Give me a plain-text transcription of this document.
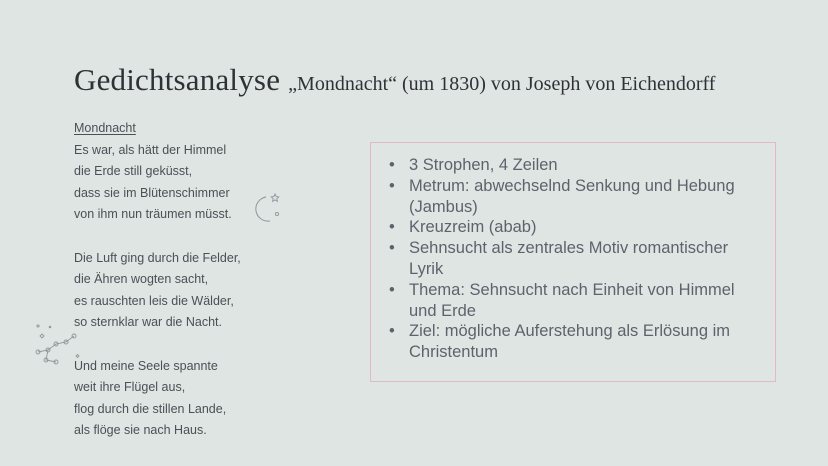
Gedichtsanalyse „Mondnacht“ (um 1830) von Joseph von Eichendorff
Mondnacht
Es war, als hätt der Himmel
die Erde still geküsst,
dass sie im Blütenschimmer
von ihm nun träumen müsst.
Die Luft ging durch die Felder,
die Ähren wogten sacht,
es rauschten leis die Wälder,
so sternklar war die Nacht.
Und meine Seele spannte
weit ihre Flügel aus,
flog durch die stillen Lande,
als flöge sie nach Haus.
• 3 Strophen, 4 Zeilen
• Metrum: abwechselnd Senkung und Hebung (Jambus)
• Kreuzreim (abab)
• Sehnsucht als zentrales Motiv romantischer Lyrik
• Thema: Sehnsucht nach Einheit von Himmel und Erde
• Ziel: mögliche Auferstehung als Erlösung im Christentum
